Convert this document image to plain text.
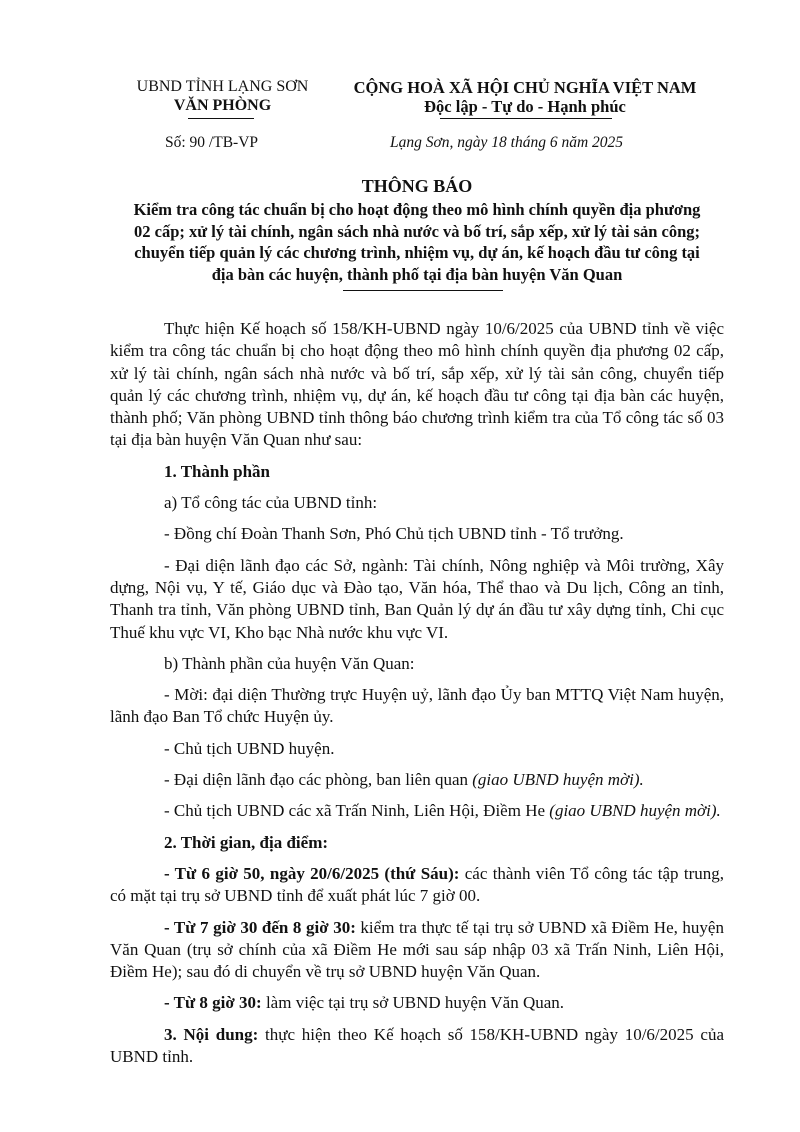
UBND TỈNH LẠNG SƠN
VĂN PHÒNG
Số: 90 /TB-VP
CỘNG HOÀ XÃ HỘI CHỦ NGHĨA VIỆT NAM
Độc lập - Tự do - Hạnh phúc
Lạng Sơn, ngày 18 tháng 6 năm 2025
THÔNG BÁO
Kiểm tra công tác chuẩn bị cho hoạt động theo mô hình chính quyền địa phương 02 cấp; xử lý tài chính, ngân sách nhà nước và bố trí, sắp xếp, xử lý tài sản công; chuyển tiếp quản lý các chương trình, nhiệm vụ, dự án, kế hoạch đầu tư công tại địa bàn các huyện, thành phố tại địa bàn huyện Văn Quan

Thực hiện Kế hoạch số 158/KH-UBND ngày 10/6/2025 của UBND tỉnh về việc kiểm tra công tác chuẩn bị cho hoạt động theo mô hình chính quyền địa phương 02 cấp, xử lý tài chính, ngân sách nhà nước và bố trí, sắp xếp, xử lý tài sản công, chuyển tiếp quản lý các chương trình, nhiệm vụ, dự án, kế hoạch đầu tư công tại địa bàn các huyện, thành phố; Văn phòng UBND tỉnh thông báo chương trình kiểm tra của Tổ công tác số 03 tại địa bàn huyện Văn Quan như sau:

1. Thành phần

a) Tổ công tác của UBND tỉnh:

- Đồng chí Đoàn Thanh Sơn, Phó Chủ tịch UBND tỉnh - Tổ trưởng.

- Đại diện lãnh đạo các Sở, ngành: Tài chính, Nông nghiệp và Môi trường, Xây dựng, Nội vụ, Y tế, Giáo dục và Đào tạo, Văn hóa, Thể thao và Du lịch, Công an tỉnh, Thanh tra tỉnh, Văn phòng UBND tỉnh, Ban Quản lý dự án đầu tư xây dựng tỉnh, Chi cục Thuế khu vực VI, Kho bạc Nhà nước khu vực VI.

b) Thành phần của huyện Văn Quan:

- Mời: đại diện Thường trực Huyện uỷ, lãnh đạo Ủy ban MTTQ Việt Nam huyện, lãnh đạo Ban Tổ chức Huyện ủy.

- Chủ tịch UBND huyện.

- Đại diện lãnh đạo các phòng, ban liên quan (giao UBND huyện mời).

- Chủ tịch UBND các xã Trấn Ninh, Liên Hội, Điềm He (giao UBND huyện mời).

2. Thời gian, địa điểm:

- Từ 6 giờ 50, ngày 20/6/2025 (thứ Sáu): các thành viên Tổ công tác tập trung, có mặt tại trụ sở UBND tỉnh để xuất phát lúc 7 giờ 00.

- Từ 7 giờ 30 đến 8 giờ 30: kiểm tra thực tế tại trụ sở UBND xã Điềm He, huyện Văn Quan (trụ sở chính của xã Điềm He mới sau sáp nhập 03 xã Trấn Ninh, Liên Hội, Điềm He); sau đó di chuyển về trụ sở UBND huyện Văn Quan.

- Từ 8 giờ 30: làm việc tại trụ sở UBND huyện Văn Quan.

3. Nội dung: thực hiện theo Kế hoạch số 158/KH-UBND ngày 10/6/2025 của UBND tỉnh.
